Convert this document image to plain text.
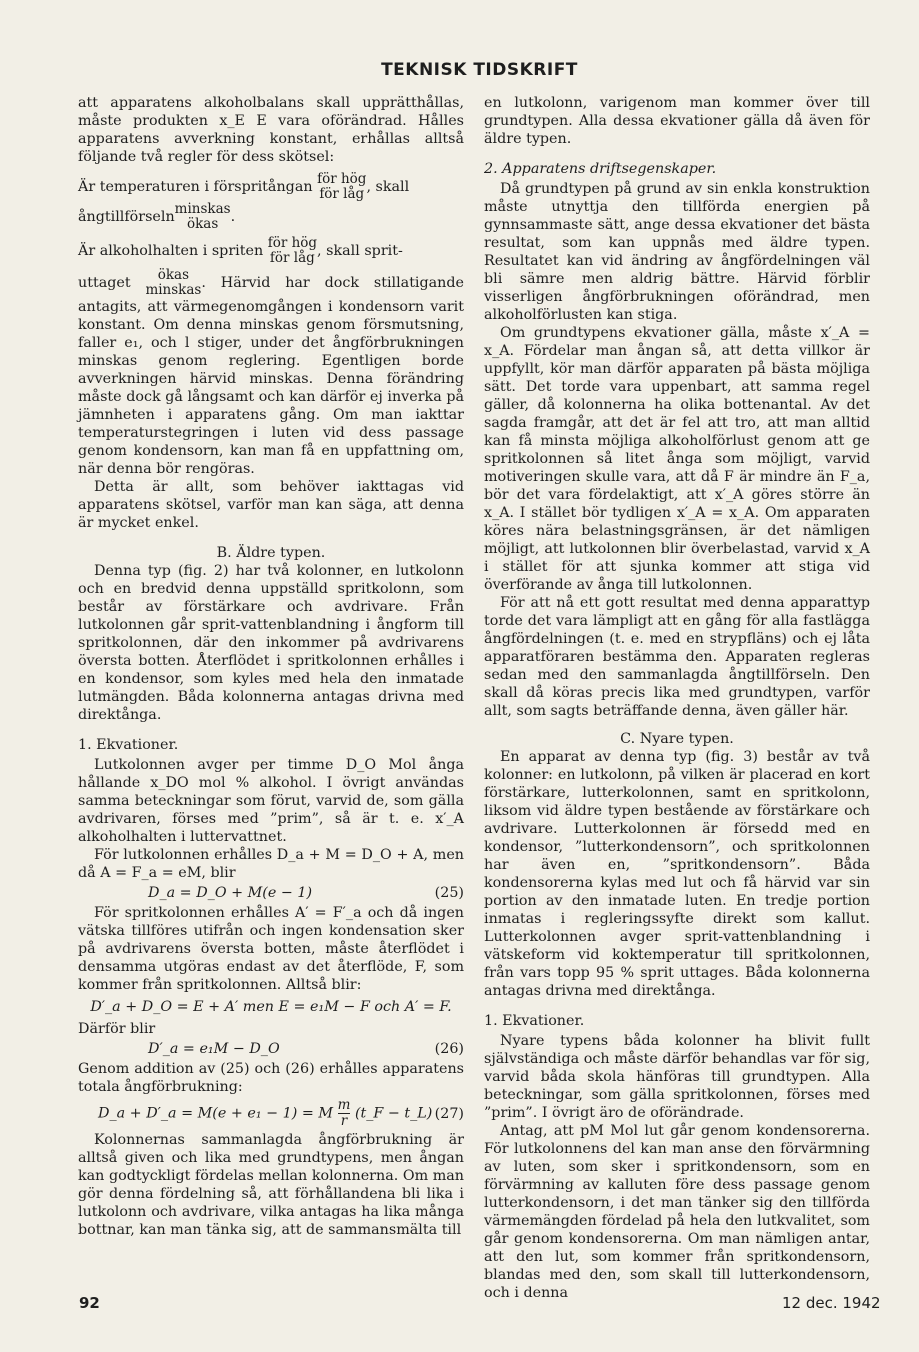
TEKNISK TIDSKRIFT

att apparatens alkoholbalans skall upprätthållas, måste produkten x_E E vara oförändrad. Hålles apparatens avverkning konstant, erhållas alltså följande två regler för dess skötsel:

Är temperaturen i förspritångan
för hög
för låg , skall

ångtillförseln minskas
ökas .

Är alkoholhalten i spriten
för hög
för låg , skall sprit-

uttaget	ökas
minskas . Härvid har dock stillatigande antagits, att värmegenomgången i kondensorn varit konstant. Om denna minskas genom försmutsning, faller e₁, och l stiger, under det ångförbrukningen minskas genom reglering. Egentligen borde avverkningen härvid minskas. Denna förändring måste dock gå långsamt och kan därför ej inverka på jämnheten i apparatens gång. Om man iakttar temperaturstegringen i luten vid dess passage genom kondensorn, kan man få en uppfattning om, när denna bör rengöras.

Detta är allt, som behöver iakttagas vid apparatens skötsel, varför man kan säga, att denna är mycket enkel.

B. Äldre typen.

Denna typ (fig. 2) har två kolonner, en lutkolonn och en bredvid denna uppställd spritkolonn, som består av förstärkare och avdrivare. Från lutkolonnen går sprit-vattenblandning i ångform till spritkolonnen, där den inkommer på avdrivarens översta botten. Återflödet i spritkolonnen erhålles i en kondensor, som kyles med hela den inmatade lutmängden. Båda kolonnerna antagas drivna med direktånga.

1. Ekvationer.

Lutkolonnen avger per timme D_O Mol ånga hållande x_DO mol % alkohol. I övrigt användas samma beteckningar som förut, varvid de, som gälla avdrivaren, förses med ”prim”, så är t. e. x′_A alkoholhalten i luttervattnet.

För lutkolonnen erhålles D_a + M = D_O + A, men då A = F_a = eM, blir

D_a = D_O + M(e − 1)	(25)

För spritkolonnen erhålles A′ = F′_a och då ingen vätska tillföres utifrån och ingen kondensation sker på avdrivarens översta botten, måste återflödet i densamma utgöras endast av det återflöde, F, som kommer från spritkolonnen. Alltså blir:

D′_a + D_O = E + A′ men E = e₁M − F och A′ = F.

Därför blir

D′_a = e₁M − D_O	(26)

Genom addition av (25) och (26) erhålles apparatens totala ångförbrukning:

D_a + D′_a = M(e + e₁ − 1) = M $\frac{m}{r}$ (t_F − t_L) (27)

Kolonnernas sammanlagda ångförbrukning är alltså given och lika med grundtypens, men ångan kan godtyckligt fördelas mellan kolonnerna. Om man gör denna fördelning så, att förhållandena bli lika i lutkolonn och avdrivare, vilka antagas ha lika många bottnar, kan man tänka sig, att de sammansmälta till

en lutkolonn, varigenom man kommer över till grundtypen. Alla dessa ekvationer gälla då även för äldre typen.

2. Apparatens driftsegenskaper.

Då grundtypen på grund av sin enkla konstruktion måste utnyttja den tillförda energien på gynnsammaste sätt, ange dessa ekvationer det bästa resultat, som kan uppnås med äldre typen. Resultatet kan vid ändring av ångfördelningen väl bli sämre men aldrig bättre. Härvid förblir visserligen ångförbrukningen oförändrad, men alkoholförlusten kan stiga.

Om grundtypens ekvationer gälla, måste x′_A = x_A. Fördelar man ångan så, att detta villkor är uppfyllt, kör man därför apparaten på bästa möjliga sätt. Det torde vara uppenbart, att samma regel gäller, då kolonnerna ha olika bottenantal. Av det sagda framgår, att det är fel att tro, att man alltid kan få minsta möjliga alkoholförlust genom att ge spritkolonnen så litet ånga som möjligt, varvid motiveringen skulle vara, att då F är mindre än F_a, bör det vara fördelaktigt, att x′_A göres större än x_A. I stället bör tydligen x′_A = x_A. Om apparaten köres nära belastningsgränsen, är det nämligen möjligt, att lutkolonnen blir överbelastad, varvid x_A i stället för att sjunka kommer att stiga vid överförande av ånga till lutkolonnen.

För att nå ett gott resultat med denna apparattyp torde det vara lämpligt att en gång för alla fastlägga ångfördelningen (t. e. med en strypfläns) och ej låta apparatföraren bestämma den. Apparaten regleras sedan med den sammanlagda ångtillförseln. Den skall då köras precis lika med grundtypen, varför allt, som sagts beträffande denna, även gäller här.

C. Nyare typen.

En apparat av denna typ (fig. 3) består av två kolonner: en lutkolonn, på vilken är placerad en kort förstärkare, lutterkolonnen, samt en spritkolonn, liksom vid äldre typen bestående av förstärkare och avdrivare. Lutterkolonnen är försedd med en kondensor, ”lutterkondensorn”, och spritkolonnen har även en, ”spritkondensorn”. Båda kondensorerna kylas med lut och få härvid var sin portion av den inmatade luten. En tredje portion inmatas i regleringssyfte direkt som kallut. Lutterkolonnen avger sprit-vattenblandning i vätskeform vid koktemperatur till spritkolonnen, från vars topp 95 % sprit uttages. Båda kolonnerna antagas drivna med direktånga.

1. Ekvationer.

Nyare typens båda kolonner ha blivit fullt självständiga och måste därför behandlas var för sig, varvid båda skola hänföras till grundtypen. Alla beteckningar, som gälla spritkolonnen, förses med ”prim”. I övrigt äro de oförändrade.

Antag, att pM Mol lut går genom kondensorerna. För lutkolonnens del kan man anse den förvärmning av luten, som sker i spritkondensorn, som en förvärmning av kalluten före dess passage genom lutterkondensorn, i det man tänker sig den tillförda värmemängden fördelad på hela den lutkvalitet, som går genom kondensorerna. Om man nämligen antar, att den lut, som kommer från spritkondensorn, blandas med den, som skall till lutterkondensorn, och i denna

92	12 dec. 1942
